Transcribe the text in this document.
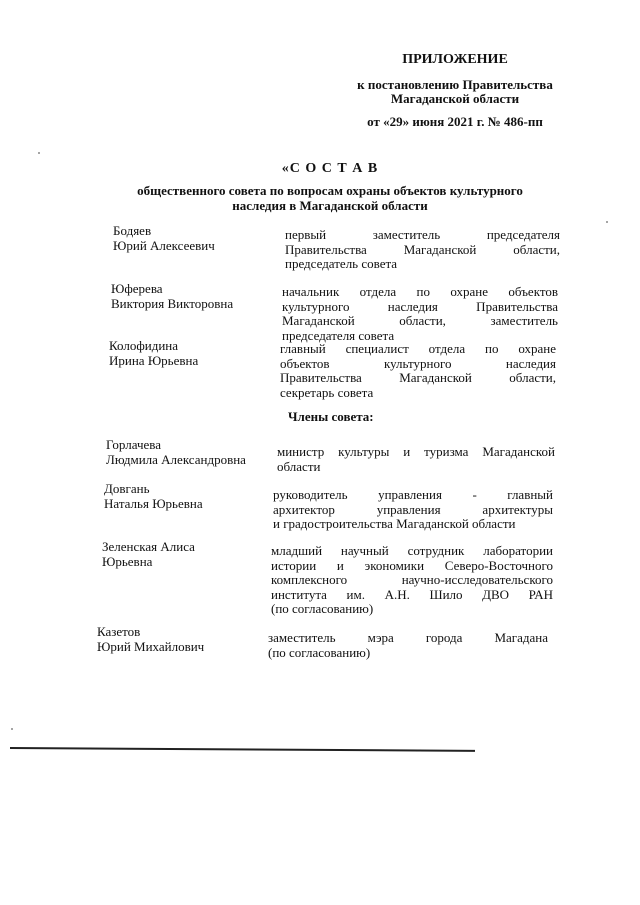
ПРИЛОЖЕНИЕ
к постановлению Правительства
Магаданской области
от «29» июня 2021 г. № 486-пп
«С О С Т А В
общественного совета по вопросам охраны объектов культурного
наследия в Магаданской области
Бодяев
Юрий Алексеевич
первый заместитель председателя
Правительства Магаданской области,
председатель совета
Юферева
Виктория Викторовна
начальник отдела по охране объектов
культурного наследия Правительства
Магаданской области, заместитель
председателя совета
Колофидина
Ирина Юрьевна
главный специалист отдела по охране
объектов культурного наследия
Правительства Магаданской области,
секретарь совета
Члены совета:
Горлачева
Людмила Александровна
министр культуры и туризма Магаданской
области
Довгань
Наталья Юрьевна
руководитель управления - главный
архитектор управления архитектуры
и градостроительства Магаданской области
Зеленская Алиса
Юрьевна
младший научный сотрудник лаборатории
истории и экономики Северо-Восточного
комплексного научно-исследовательского
института им. А.Н. Шило ДВО РАН
(по согласованию)
Казетов
Юрий Михайлович
заместитель мэра города Магадана
(по согласованию)
